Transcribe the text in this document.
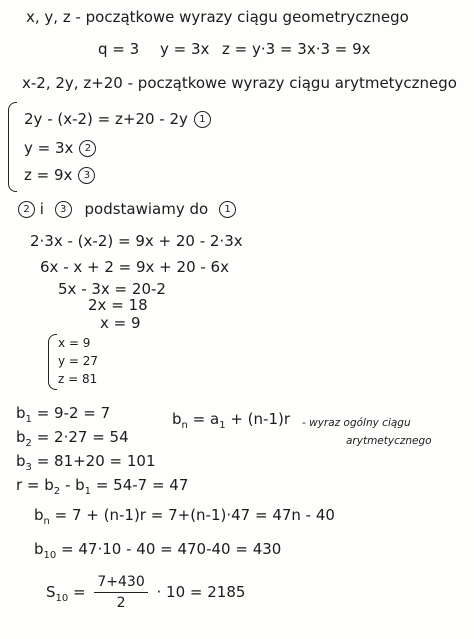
x, y, z - początkowe wyrazy ciągu geometrycznego
q = 3 y = 3x z = y·3 = 3x·3 = 9x
x-2, 2y, z+20 - początkowe wyrazy ciągu arytmetycznego
2y - (x-2) = z+20 - 2y 1
y = 3x 2
z = 9x 3
2 i 3 podstawiamy do 1
2·3x - (x-2) = 9x + 20 - 2·3x
6x - x + 2 = 9x + 20 - 6x
5x - 3x = 20-2
2x = 18
x = 9
x = 9
y = 27
z = 81
$b_1 = 9-2 = 7$
$b_2 = 2\cdot 27 = 54$
$b_3 = 81+20 = 101$
$r = b_2 - b_1 = 54-7 = 47$
$b_n = a_1 + (n-1)r$ - wyraz ogólny ciągu
arytmetycznego
$b_n = 7 + (n-1)r = 7+(n-1)\cdot 47 = 47n - 40$
$b_{10} = 47\cdot 10 - 40 = 470-40 = 430$
$S_{10} = \frac{7+430}{2} \cdot 10 = 2185$
